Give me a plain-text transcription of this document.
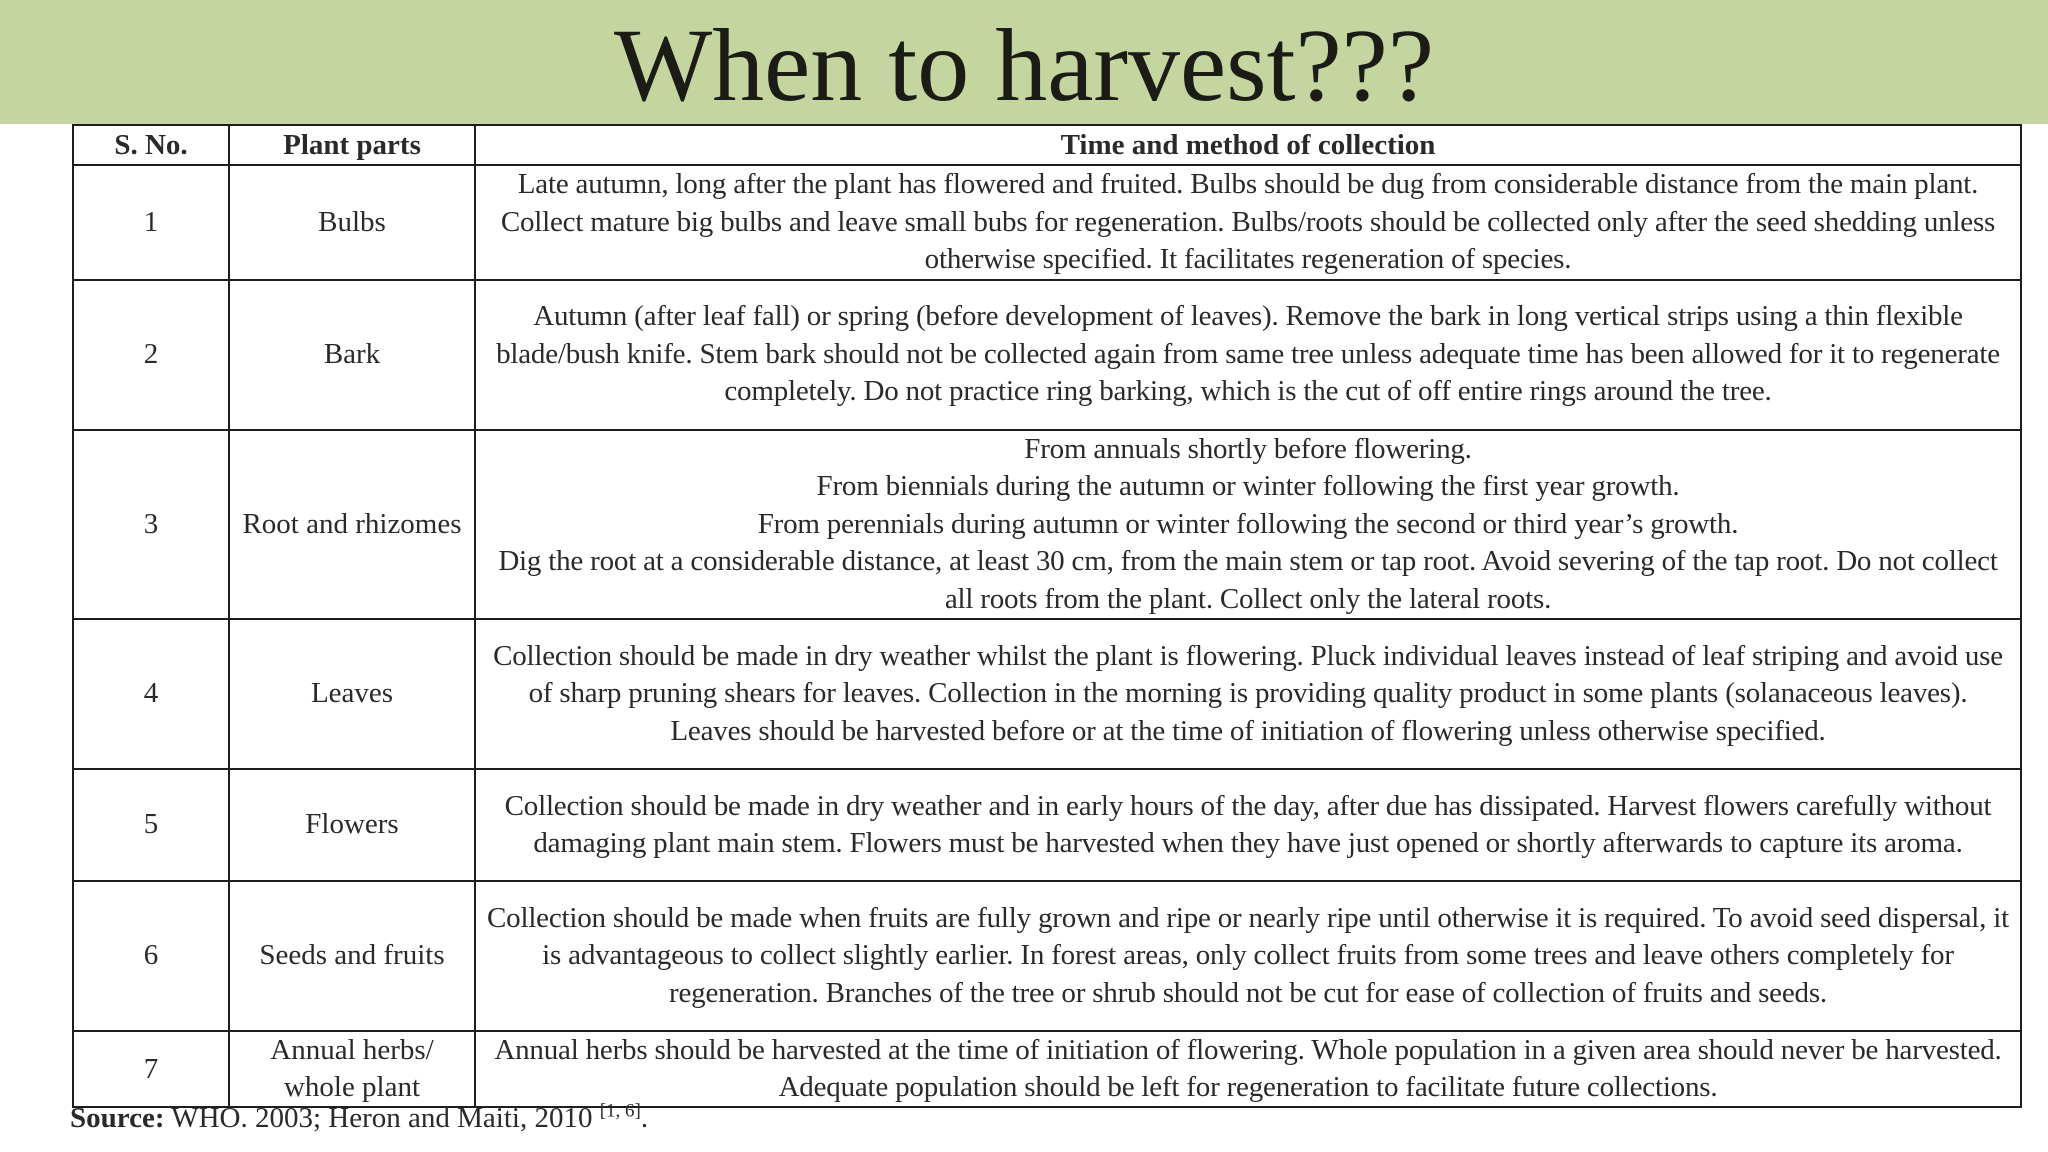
When to harvest???
S. No.	Plant parts	Time and method of collection
1	Bulbs	Late autumn, long after the plant has flowered and fruited. Bulbs should be dug from considerable distance from the main plant. Collect mature big bulbs and leave small bubs for regeneration. Bulbs/roots should be collected only after the seed shedding unless otherwise specified. It facilitates regeneration of species.
2	Bark	Autumn (after leaf fall) or spring (before development of leaves). Remove the bark in long vertical strips using a thin flexible blade/bush knife. Stem bark should not be collected again from same tree unless adequate time has been allowed for it to regenerate completely. Do not practice ring barking, which is the cut of off entire rings around the tree.
3	Root and rhizomes	From annuals shortly before flowering.
From biennials during the autumn or winter following the first year growth.
From perennials during autumn or winter following the second or third year’s growth.
Dig the root at a considerable distance, at least 30 cm, from the main stem or tap root. Avoid severing of the tap root. Do not collect all roots from the plant. Collect only the lateral roots.

4	Leaves	Collection should be made in dry weather whilst the plant is flowering. Pluck individual leaves instead of leaf striping and avoid use of sharp pruning shears for leaves. Collection in the morning is providing quality product in some plants (solanaceous leaves). Leaves should be harvested before or at the time of initiation of flowering unless otherwise specified.
5	Flowers	Collection should be made in dry weather and in early hours of the day, after due has dissipated. Harvest flowers carefully without damaging plant main stem. Flowers must be harvested when they have just opened or shortly afterwards to capture its aroma.
6	Seeds and fruits	Collection should be made when fruits are fully grown and ripe or nearly ripe until otherwise it is required. To avoid seed dispersal, it is advantageous to collect slightly earlier. In forest areas, only collect fruits from some trees and leave others completely for regeneration. Branches of the tree or shrub should not be cut for ease of collection of fruits and seeds.
7	Annual herbs/ whole plant	Annual herbs should be harvested at the time of initiation of flowering. Whole population in a given area should never be harvested. Adequate population should be left for regeneration to facilitate future collections.
Source: WHO. 2003; Heron and Maiti, 2010 [1, 6].
